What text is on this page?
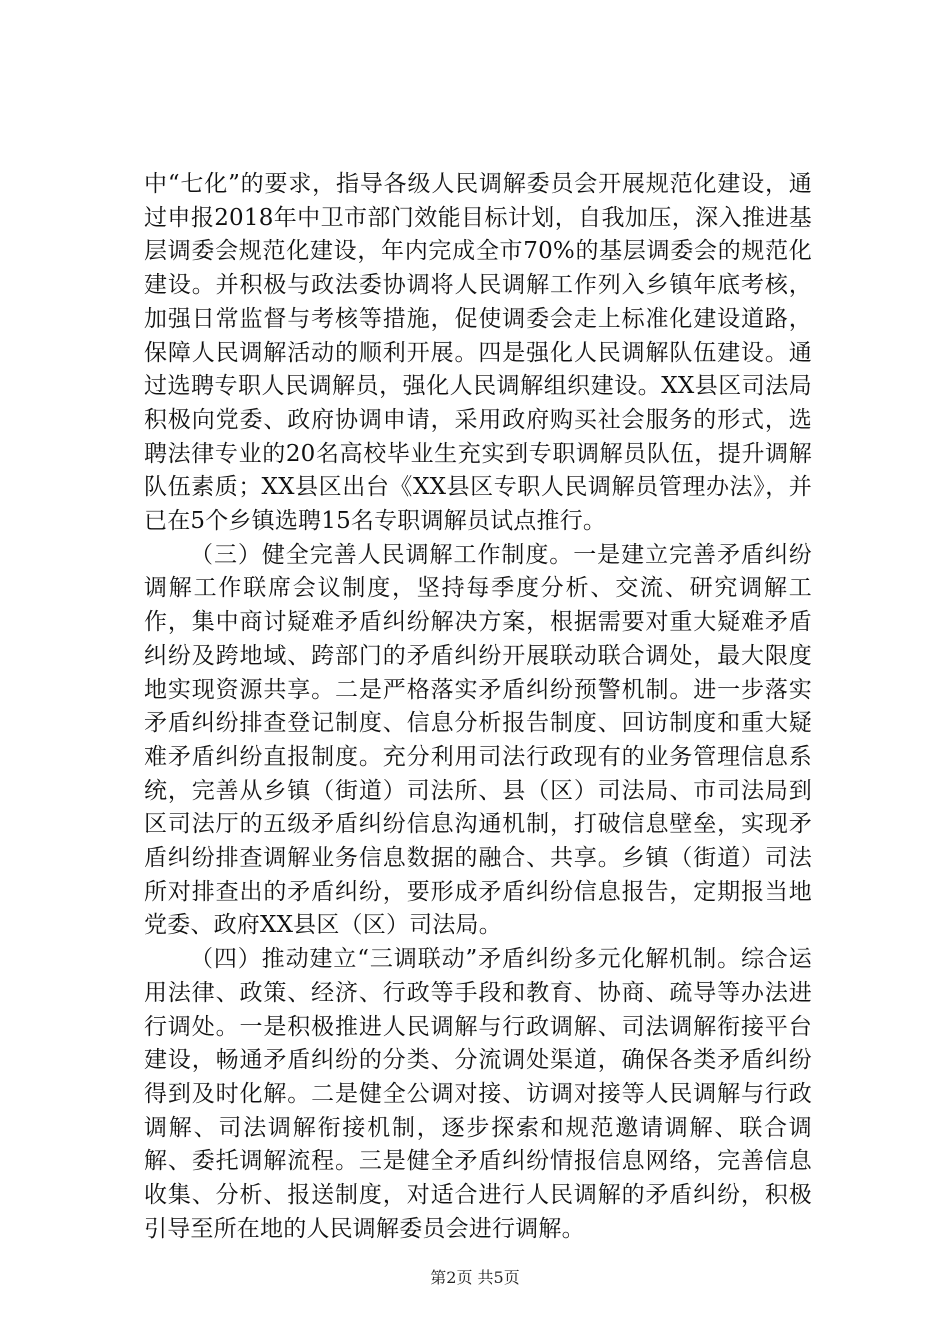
中“七化”的要求，指导各级人民调解委员会开展规范化建设，通过申报2018年中卫市部门效能目标计划，自我加压，深入推进基层调委会规范化建设，年内完成全市70%的基层调委会的规范化建设。并积极与政法委协调将人民调解工作列入乡镇年底考核，加强日常监督与考核等措施，促使调委会走上标准化建设道路，保障人民调解活动的顺利开展。四是强化人民调解队伍建设。通过选聘专职人民调解员，强化人民调解组织建设。XX县区司法局积极向党委、政府协调申请，采用政府购买社会服务的形式，选聘法律专业的20名高校毕业生充实到专职调解员队伍，提升调解队伍素质；XX县区出台《XX县区专职人民调解员管理办法》，并已在5个乡镇选聘15名专职调解员试点推行。

（三）健全完善人民调解工作制度。一是建立完善矛盾纠纷调解工作联席会议制度，坚持每季度分析、交流、研究调解工作，集中商讨疑难矛盾纠纷解决方案，根据需要对重大疑难矛盾纠纷及跨地域、跨部门的矛盾纠纷开展联动联合调处，最大限度地实现资源共享。二是严格落实矛盾纠纷预警机制。进一步落实矛盾纠纷排查登记制度、信息分析报告制度、回访制度和重大疑难矛盾纠纷直报制度。充分利用司法行政现有的业务管理信息系统，完善从乡镇（街道）司法所、县（区）司法局、市司法局到区司法厅的五级矛盾纠纷信息沟通机制，打破信息壁垒，实现矛盾纠纷排查调解业务信息数据的融合、共享。乡镇（街道）司法所对排查出的矛盾纠纷，要形成矛盾纠纷信息报告，定期报当地党委、政府XX县区（区）司法局。

（四）推动建立“三调联动”矛盾纠纷多元化解机制。综合运用法律、政策、经济、行政等手段和教育、协商、疏导等办法进行调处。一是积极推进人民调解与行政调解、司法调解衔接平台建设，畅通矛盾纠纷的分类、分流调处渠道，确保各类矛盾纠纷得到及时化解。二是健全公调对接、访调对接等人民调解与行政调解、司法调解衔接机制，逐步探索和规范邀请调解、联合调解、委托调解流程。三是健全矛盾纠纷情报信息网络，完善信息收集、分析、报送制度，对适合进行人民调解的矛盾纠纷，积极引导至所在地的人民调解委员会进行调解。

第2页 共5页
